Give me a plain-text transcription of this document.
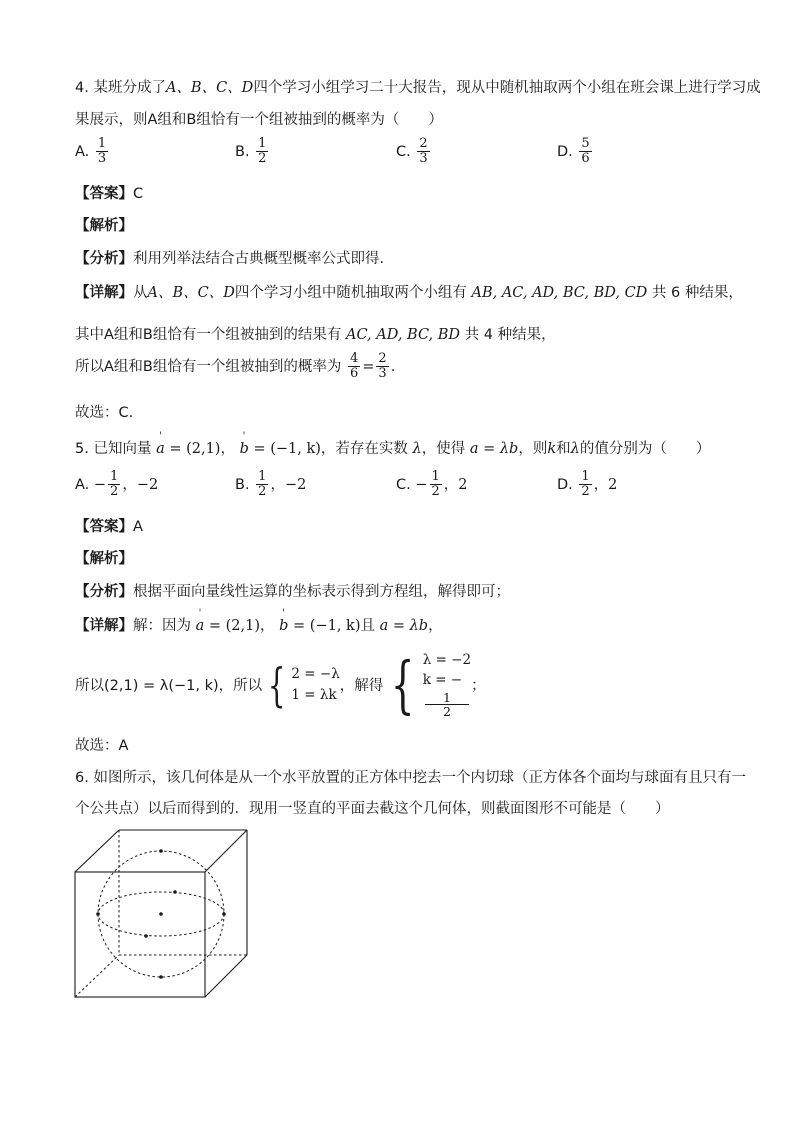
4. 某班分成了A、B、C、D四个学习小组学习二十大报告，现从中随机抽取两个小组在班会课上进行学习成
果展示，则A组和B组恰有一个组被抽到的概率为（　　）
A. $\frac{1}{3}$	B. $\frac{1}{2}$	C. $\frac{2}{3}$	D. $\frac{5}{6}$
【答案】C
【解析】
【分析】利用列举法结合古典概型概率公式即得.
【详解】从A、B、C、D四个学习小组中随机抽取两个小组有 AB, AC, AD, BC, BD, CD 共 6 种结果，
其中A组和B组恰有一个组被抽到的结果有 AC, AD, BC, BD 共 4 种结果，
所以A组和B组恰有一个组被抽到的概率为 $\frac{4}{6} = \frac{2}{3}$ .
故选：C.
5. 已知向量 ' a = (2,1)， ' b = (−1, k)，若存在实数 λ，使得 a = λb，则k和λ的值分别为（　　）
A. − $\frac{1}{2}$ ，−2	B. $\frac{1}{2}$ ，−2	C. − $\frac{1}{2}$ ，2	D. $\frac{1}{2}$ ，2
【答案】A
【解析】
【分析】根据平面向量线性运算的坐标表示得到方程组，解得即可；
【详解】解：因为 ' a = (2,1)， ' b = (−1, k)且 a = λb，
所以(2,1) = λ(−1, k)，所以 { 2 = −λ
1 = λk
，解得 { λ = −2
k = −
1
2
；
故选：A
6. 如图所示，该几何体是从一个水平放置的正方体中挖去一个内切球（正方体各个面均与球面有且只有一
个公共点）以后而得到的．现用一竖直的平面去截这个几何体，则截面图形不可能是（　　）
